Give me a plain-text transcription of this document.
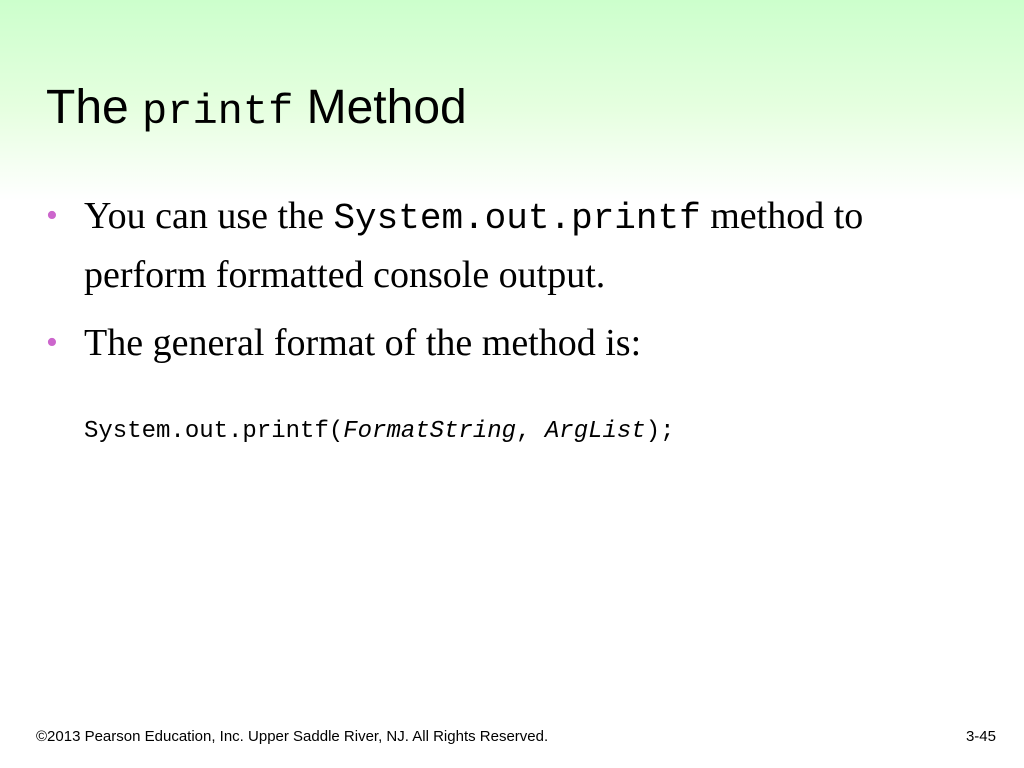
The printf Method
• You can use the System.out.printf method to perform formatted console output.
• The general format of the method is:

System.out.printf(FormatString, ArgList);

©2013 Pearson Education, Inc. Upper Saddle River, NJ. All Rights Reserved.	3-45
